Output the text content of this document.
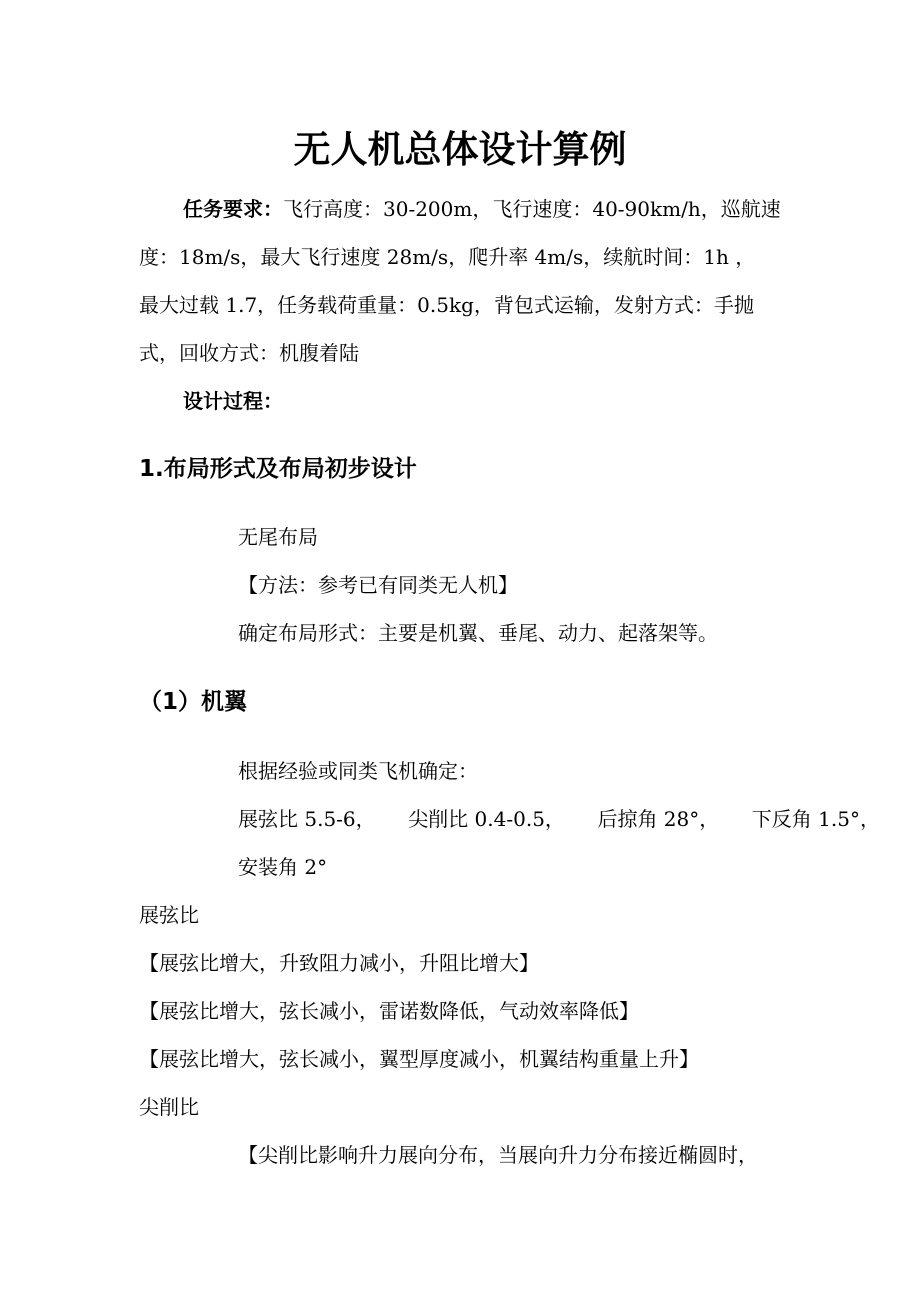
无人机总体设计算例
任务要求：飞行高度：30-200m，飞行速度：40-90km/h，巡航速
度：18m/s，最大飞行速度 28m/s，爬升率 4m/s，续航时间：1h ，
最大过载 1.7，任务载荷重量：0.5kg，背包式运输，发射方式：手抛
式，回收方式：机腹着陆
设计过程：
1.布局形式及布局初步设计
无尾布局
【方法：参考已有同类无人机】
确定布局形式：主要是机翼、垂尾、动力、起落架等。
（1）机翼
根据经验或同类飞机确定：
展弦比 5.5-6， 尖削比 0.4-0.5， 后掠角 28°， 下反角 1.5°，
安装角 2°
展弦比
【展弦比增大，升致阻力减小，升阻比增大】
【展弦比增大，弦长减小，雷诺数降低，气动效率降低】
【展弦比增大，弦长减小，翼型厚度减小，机翼结构重量上升】
尖削比
【尖削比影响升力展向分布，当展向升力分布接近椭圆时，
